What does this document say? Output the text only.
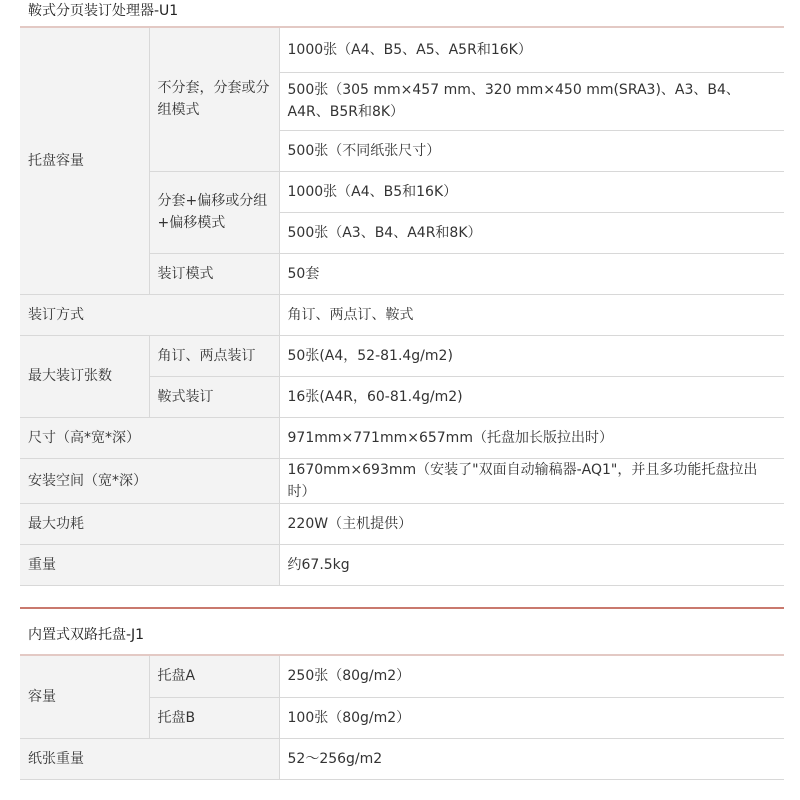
鞍式分页装订处理器-U1
托盘容量	不分套，分套或分组模式	1000张（A4、B5、A5、A5R和16K）
		500张（305 mm×457 mm、320 mm×450 mm(SRA3)、A3、B4、A4R、B5R和8K）
		500张（不同纸张尺寸）
	分套+偏移或分组+偏移模式	1000张（A4、B5和16K）
		500张（A3、B4、A4R和8K）
	装订模式	50套
装订方式		角订、两点订、鞍式
最大装订张数	角订、两点装订	50张(A4，52-81.4g/m2)
	鞍式装订	16张(A4R，60-81.4g/m2)
尺寸（高*宽*深）		971mm×771mm×657mm（托盘加长版拉出时）
安装空间（宽*深）		1670mm×693mm（安装了"双面自动输稿器-AQ1"，并且多功能托盘拉出时）
最大功耗		220W（主机提供）
重量		约67.5kg
内置式双路托盘-J1
容量	托盘A	250张（80g/m2）
	托盘B	100张（80g/m2）
纸张重量		52～256g/m2
